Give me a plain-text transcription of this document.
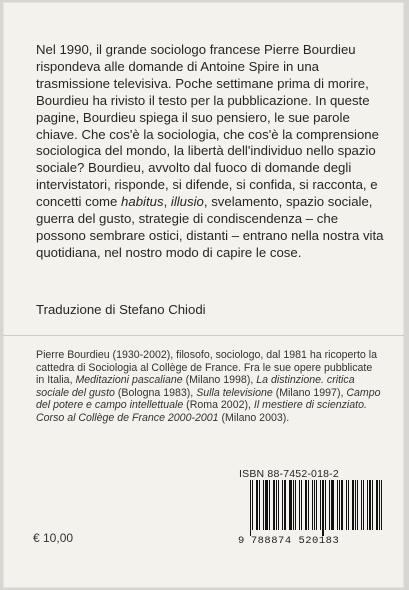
Nel 1990, il grande sociologo francese Pierre Bourdieu rispondeva alle domande di Antoine Spire in una trasmissione televisiva. Poche settimane prima di morire, Bourdieu ha rivisto il testo per la pubblicazione. In queste pagine, Bourdieu spiega il suo pensiero, le sue parole chiave. Che cos'è la sociologia, che cos'è la comprensione sociologica del mondo, la libertà dell'individuo nello spazio sociale? Bourdieu, avvolto dal fuoco di domande degli intervistatori, risponde, si difende, si confida, si racconta, e concetti come habitus, illusio, svelamento, spazio sociale, guerra del gusto, strategie di condiscendenza – che possono sembrare ostici, distanti – entrano nella nostra vita quotidiana, nel nostro modo di capire le cose.

Traduzione di Stefano Chiodi

Pierre Bourdieu (1930-2002), filosofo, sociologo, dal 1981 ha ricoperto la cattedra di Sociologia al Collège de France. Fra le sue opere pubblicate in Italia, Meditazioni pascaliane (Milano 1998), La distinzione. critica sociale del gusto (Bologna 1983), Sulla televisione (Milano 1997), Campo del potere e campo intellettuale (Roma 2002), Il mestiere di scienziato. Corso al Collège de France 2000-2001 (Milano 2003).

€ 10,00
ISBN 88-7452-018-2
9 788874 520183
